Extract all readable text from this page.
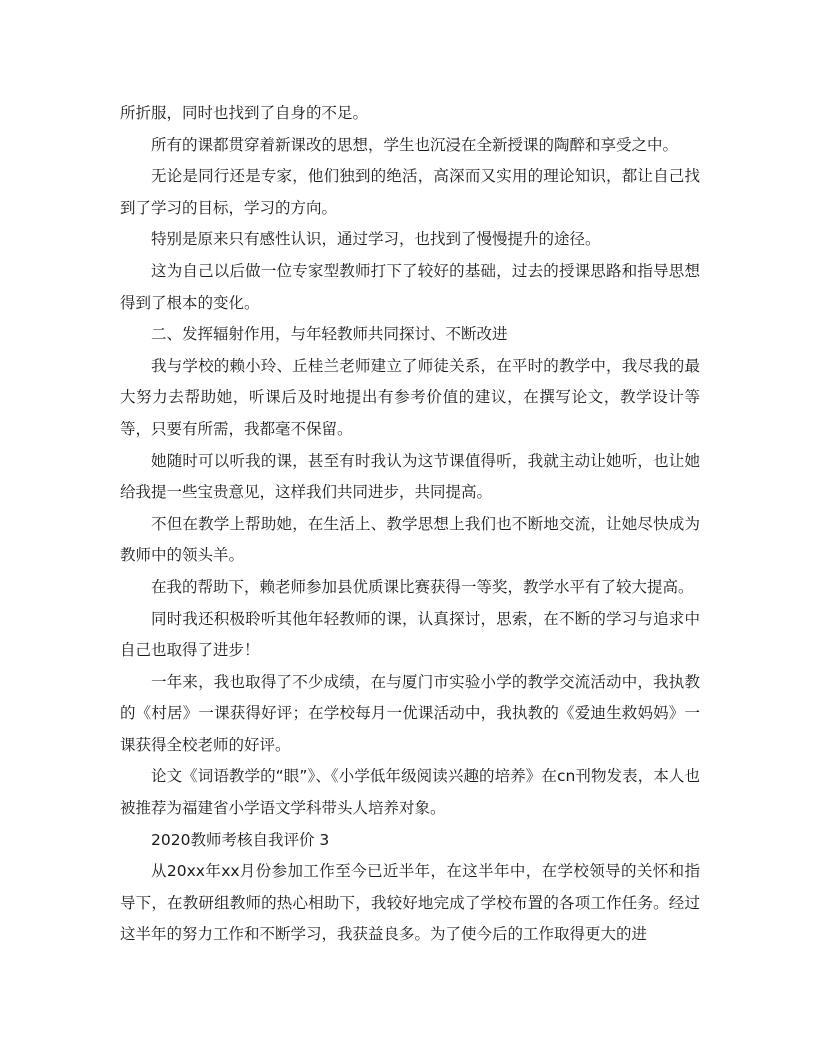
所折服，同时也找到了自身的不足。

所有的课都贯穿着新课改的思想，学生也沉浸在全新授课的陶醉和享受之中。

无论是同行还是专家，他们独到的绝活，高深而又实用的理论知识，都让自己找到了学习的目标，学习的方向。

特别是原来只有感性认识，通过学习，也找到了慢慢提升的途径。

这为自己以后做一位专家型教师打下了较好的基础，过去的授课思路和指导思想得到了根本的变化。

二、发挥辐射作用，与年轻教师共同探讨、不断改进

我与学校的赖小玲、丘桂兰老师建立了师徒关系，在平时的教学中，我尽我的最大努力去帮助她，听课后及时地提出有参考价值的建议，在撰写论文，教学设计等等，只要有所需，我都毫不保留。

她随时可以听我的课，甚至有时我认为这节课值得听，我就主动让她听，也让她给我提一些宝贵意见，这样我们共同进步，共同提高。

不但在教学上帮助她，在生活上、教学思想上我们也不断地交流，让她尽快成为教师中的领头羊。

在我的帮助下，赖老师参加县优质课比赛获得一等奖，教学水平有了较大提高。

同时我还积极聆听其他年轻教师的课，认真探讨，思索，在不断的学习与追求中自己也取得了进步！

一年来，我也取得了不少成绩，在与厦门市实验小学的教学交流活动中，我执教的《村居》一课获得好评；在学校每月一优课活动中，我执教的《爱迪生救妈妈》一课获得全校老师的好评。

论文《词语教学的“眼”》、《小学低年级阅读兴趣的培养》在cn刊物发表，本人也被推荐为福建省小学语文学科带头人培养对象。

2020教师考核自我评价 3

从20xx年xx月份参加工作至今已近半年，在这半年中，在学校领导的关怀和指导下，在教研组教师的热心相助下，我较好地完成了学校布置的各项工作任务。经过这半年的努力工作和不断学习，我获益良多。为了使今后的工作取得更大的进
